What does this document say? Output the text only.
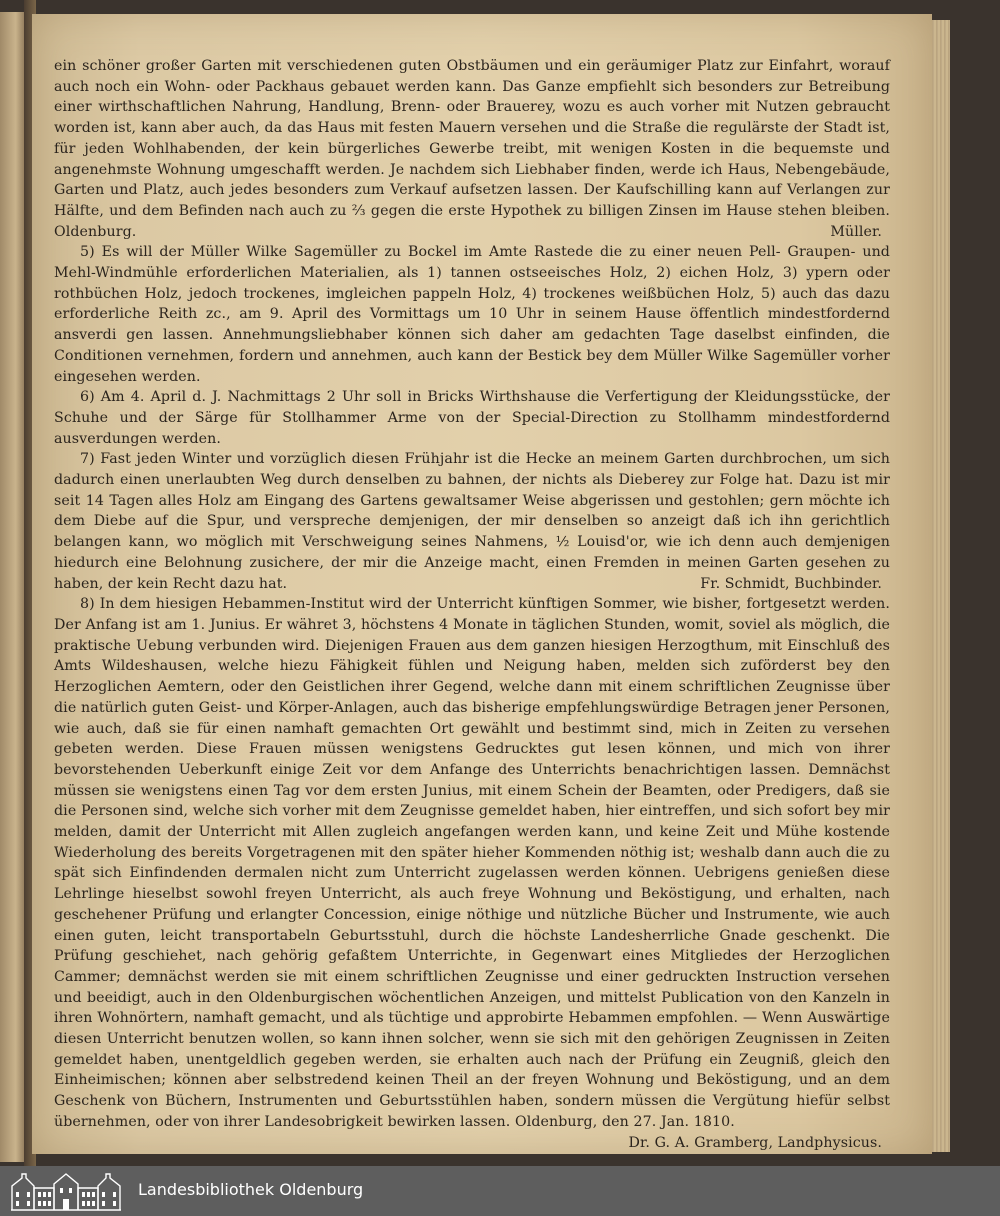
ein schöner großer Garten mit verschiedenen guten Obstbäumen und ein geräumiger Platz zur Einfahrt, worauf auch noch ein Wohn- oder Packhaus gebauet werden kann. Das Ganze empfiehlt sich besonders zur Betreibung einer wirthschaftlichen Nahrung, Handlung, Brenn- oder Brauerey, wozu es auch vorher mit Nutzen gebraucht worden ist, kann aber auch, da das Haus mit festen Mauern versehen und die Straße die regulärste der Stadt ist, für jeden Wohlhabenden, der kein bürgerliches Gewerbe treibt, mit wenigen Kosten in die bequemste und angenehmste Wohnung umgeschafft werden. Je nachdem sich Liebhaber finden, werde ich Haus, Nebengebäude, Garten und Platz, auch jedes besonders zum Verkauf aufsetzen lassen. Der Kaufschilling kann auf Verlangen zur Hälfte, und dem Befinden nach auch zu ⅔ gegen die erste Hypothek zu billigen Zinsen im Hause stehen bleiben. Oldenburg.	Müller.

5) Es will der Müller Wilke Sagemüller zu Bockel im Amte Rastede die zu einer neuen Pell- Graupen- und Mehl-Windmühle erforderlichen Materialien, als 1) tannen ostseeisches Holz, 2) eichen Holz, 3) ypern oder rothbüchen Holz, jedoch trockenes, imgleichen pappeln Holz, 4) trockenes weißbüchen Holz, 5) auch das dazu erforderliche Reith zc., am 9. April des Vormittags um 10 Uhr in seinem Hause öffentlich mindestfordernd ansverdi gen lassen. Annehmungsliebhaber können sich daher am gedachten Tage daselbst einfinden, die Conditionen vernehmen, fordern und annehmen, auch kann der Bestick bey dem Müller Wilke Sagemüller vorher eingesehen werden.

6) Am 4. April d. J. Nachmittags 2 Uhr soll in Bricks Wirthshause die Verfertigung der Kleidungsstücke, der Schuhe und der Särge für Stollhammer Arme von der Special-Direction zu Stollhamm mindestfordernd ausverdungen werden.

7) Fast jeden Winter und vorzüglich diesen Frühjahr ist die Hecke an meinem Garten durchbrochen, um sich dadurch einen unerlaubten Weg durch denselben zu bahnen, der nichts als Dieberey zur Folge hat. Dazu ist mir seit 14 Tagen alles Holz am Eingang des Gartens gewaltsamer Weise abgerissen und gestohlen; gern möchte ich dem Diebe auf die Spur, und verspreche demjenigen, der mir denselben so anzeigt daß ich ihn gerichtlich belangen kann, wo möglich mit Verschweigung seines Nahmens, ½ Louisd'or, wie ich denn auch demjenigen hiedurch eine Belohnung zusichere, der mir die Anzeige macht, einen Fremden in meinen Garten gesehen zu haben, der kein Recht dazu hat.	Fr. Schmidt, Buchbinder.

8) In dem hiesigen Hebammen-Institut wird der Unterricht künftigen Sommer, wie bisher, fortgesetzt werden. Der Anfang ist am 1. Junius. Er währet 3, höchstens 4 Monate in täglichen Stunden, womit, soviel als möglich, die praktische Uebung verbunden wird. Diejenigen Frauen aus dem ganzen hiesigen Herzogthum, mit Einschluß des Amts Wildeshausen, welche hiezu Fähigkeit fühlen und Neigung haben, melden sich zuförderst bey den Herzoglichen Aemtern, oder den Geistlichen ihrer Gegend, welche dann mit einem schriftlichen Zeugnisse über die natürlich guten Geist- und Körper-Anlagen, auch das bisherige empfehlungswürdige Betragen jener Personen, wie auch, daß sie für einen namhaft gemachten Ort gewählt und bestimmt sind, mich in Zeiten zu versehen gebeten werden. Diese Frauen müssen wenigstens Gedrucktes gut lesen können, und mich von ihrer bevorstehenden Ueberkunft einige Zeit vor dem Anfange des Unterrichts benachrichtigen lassen. Demnächst müssen sie wenigstens einen Tag vor dem ersten Junius, mit einem Schein der Beamten, oder Predigers, daß sie die Personen sind, welche sich vorher mit dem Zeugnisse gemeldet haben, hier eintreffen, und sich sofort bey mir melden, damit der Unterricht mit Allen zugleich angefangen werden kann, und keine Zeit und Mühe kostende Wiederholung des bereits Vorgetragenen mit den später hieher Kommenden nöthig ist; weshalb dann auch die zu spät sich Einfindenden dermalen nicht zum Unterricht zugelassen werden können. Uebrigens genießen diese Lehrlinge hieselbst sowohl freyen Unterricht, als auch freye Wohnung und Beköstigung, und erhalten, nach geschehener Prüfung und erlangter Concession, einige nöthige und nützliche Bücher und Instrumente, wie auch einen guten, leicht transportabeln Geburtsstuhl, durch die höchste Landesherrliche Gnade geschenkt. Die Prüfung geschiehet, nach gehörig gefaßtem Unterrichte, in Gegenwart eines Mitgliedes der Herzoglichen Cammer; demnächst werden sie mit einem schriftlichen Zeugnisse und einer gedruckten Instruction versehen und beeidigt, auch in den Oldenburgischen wöchentlichen Anzeigen, und mittelst Publication von den Kanzeln in ihren Wohnörtern, namhaft gemacht, und als tüchtige und approbirte Hebammen empfohlen. — Wenn Auswärtige diesen Unterricht benutzen wollen, so kann ihnen solcher, wenn sie sich mit den gehörigen Zeugnissen in Zeiten gemeldet haben, unentgeldlich gegeben werden, sie erhalten auch nach der Prüfung ein Zeugniß, gleich den Einheimischen; können aber selbstredend keinen Theil an der freyen Wohnung und Beköstigung, und an dem Geschenk von Büchern, Instrumenten und Geburtsstühlen haben, sondern müssen die Vergütung hiefür selbst übernehmen, oder von ihrer Landesobrigkeit bewirken lassen. Oldenburg, den 27. Jan. 1810.
Dr. G. A. Gramberg, Landphysicus.

Landesbibliothek Oldenburg
